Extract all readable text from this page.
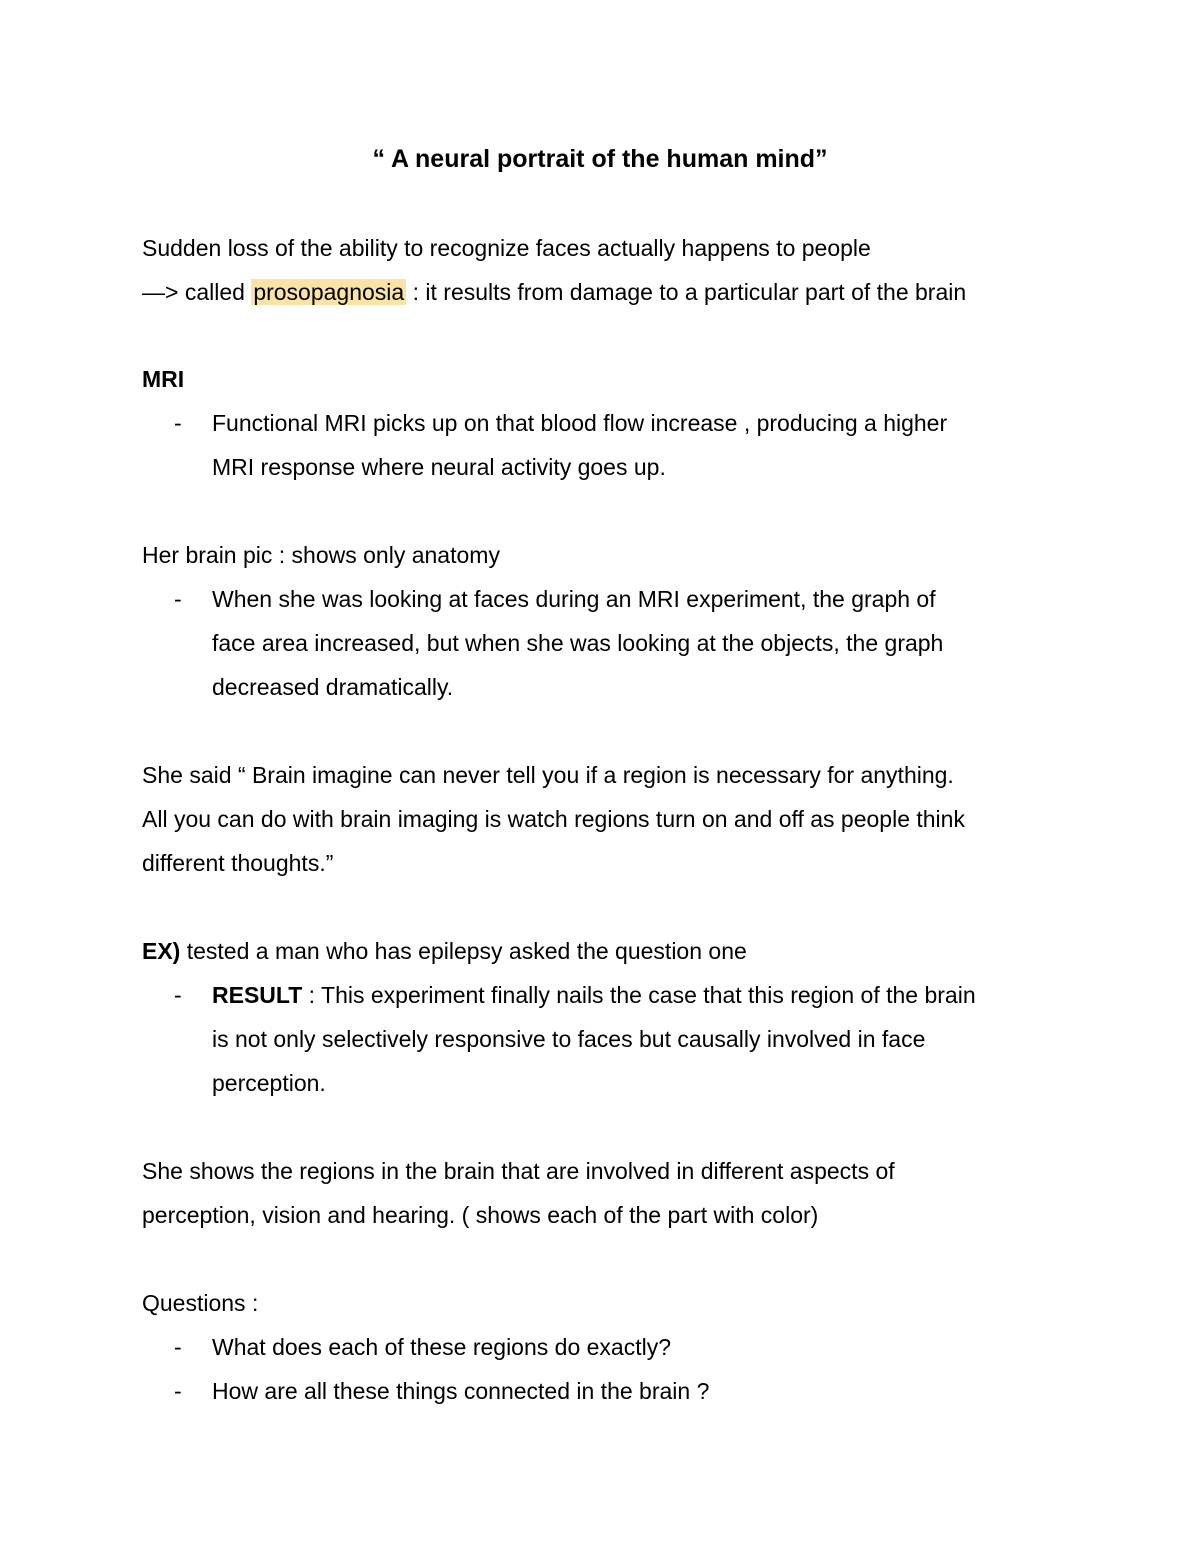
“ A neural portrait of the human mind”
Sudden loss of the ability to recognize faces actually happens to people
—> called prosopagnosia : it results from damage to a particular part of the brain
MRI
- Functional MRI picks up on that blood flow increase , producing a higher
MRI response where neural activity goes up.
Her brain pic : shows only anatomy
- When she was looking at faces during an MRI experiment, the graph of
face area increased, but when she was looking at the objects, the graph
decreased dramatically.
She said “ Brain imagine can never tell you if a region is necessary for anything.
All you can do with brain imaging is watch regions turn on and off as people think
different thoughts.”
EX) tested a man who has epilepsy asked the question one
- RESULT : This experiment finally nails the case that this region of the brain
is not only selectively responsive to faces but causally involved in face
perception.
She shows the regions in the brain that are involved in different aspects of
perception, vision and hearing. ( shows each of the part with color)
Questions :
- What does each of these regions do exactly?
- How are all these things connected in the brain ?
